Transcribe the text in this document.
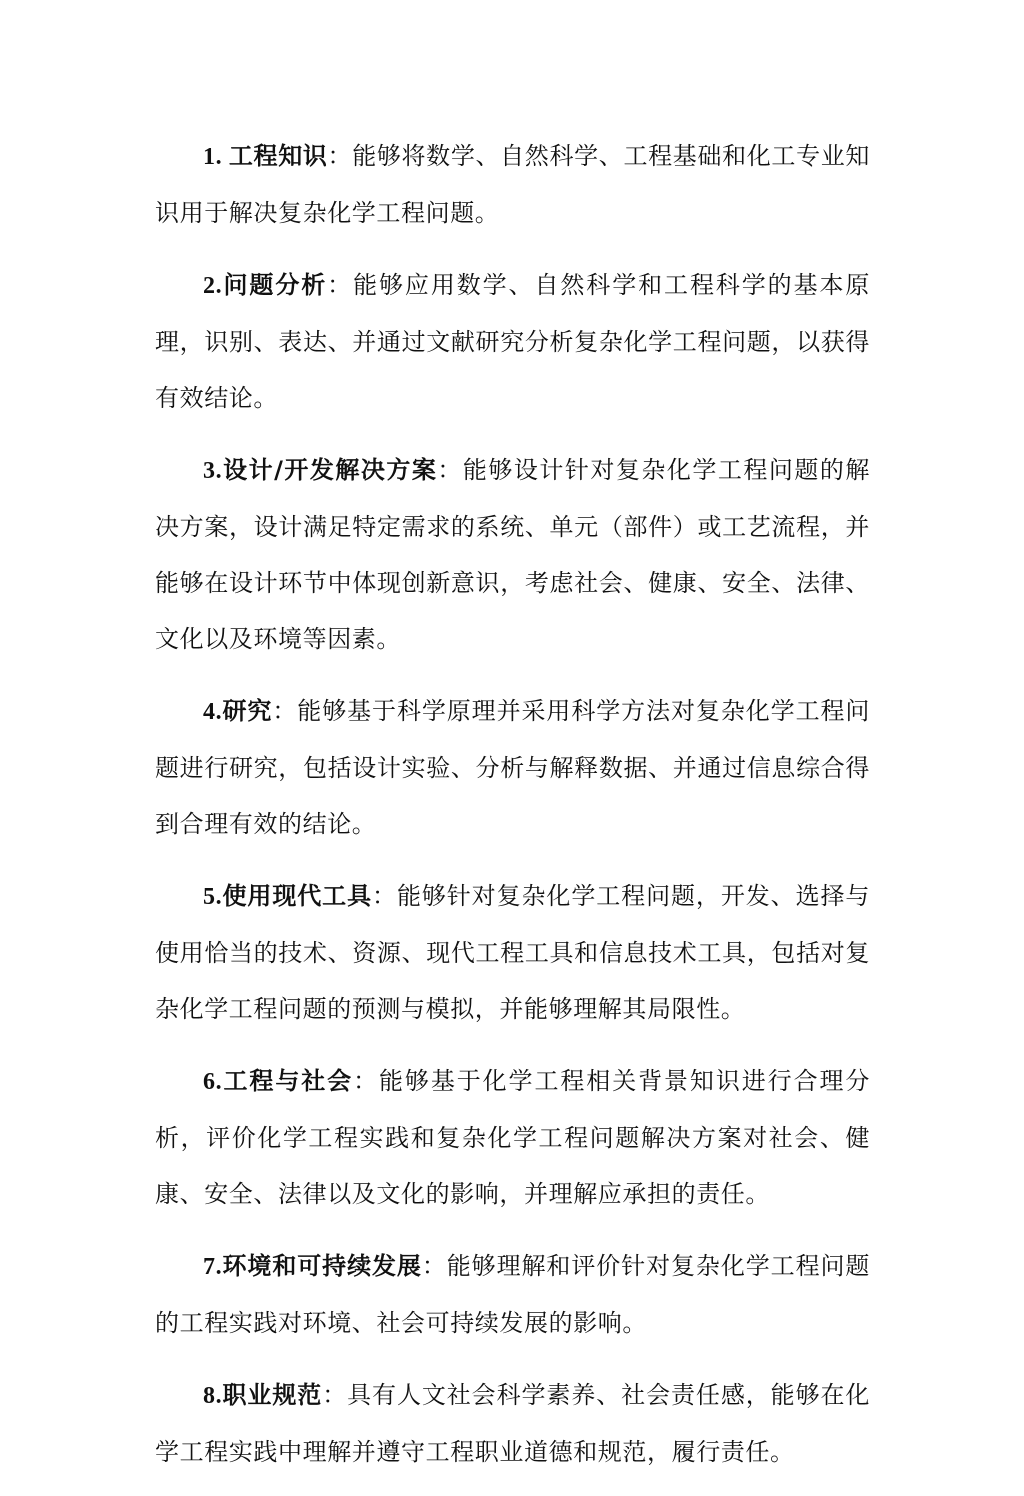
1. 工程知识：能够将数学、自然科学、工程基础和化工专业知识用于解决复杂化学工程问题。

2.问题分析：能够应用数学、自然科学和工程科学的基本原理，识别、表达、并通过文献研究分析复杂化学工程问题，以获得有效结论。

3.设计/开发解决方案：能够设计针对复杂化学工程问题的解决方案，设计满足特定需求的系统、单元（部件）或工艺流程，并能够在设计环节中体现创新意识，考虑社会、健康、安全、法律、文化以及环境等因素。

4.研究：能够基于科学原理并采用科学方法对复杂化学工程问题进行研究，包括设计实验、分析与解释数据、并通过信息综合得到合理有效的结论。

5.使用现代工具：能够针对复杂化学工程问题，开发、选择与使用恰当的技术、资源、现代工程工具和信息技术工具，包括对复杂化学工程问题的预测与模拟，并能够理解其局限性。

6.工程与社会：能够基于化学工程相关背景知识进行合理分析，评价化学工程实践和复杂化学工程问题解决方案对社会、健康、安全、法律以及文化的影响，并理解应承担的责任。

7.环境和可持续发展：能够理解和评价针对复杂化学工程问题的工程实践对环境、社会可持续发展的影响。

8.职业规范：具有人文社会科学素养、社会责任感，能够在化学工程实践中理解并遵守工程职业道德和规范，履行责任。
